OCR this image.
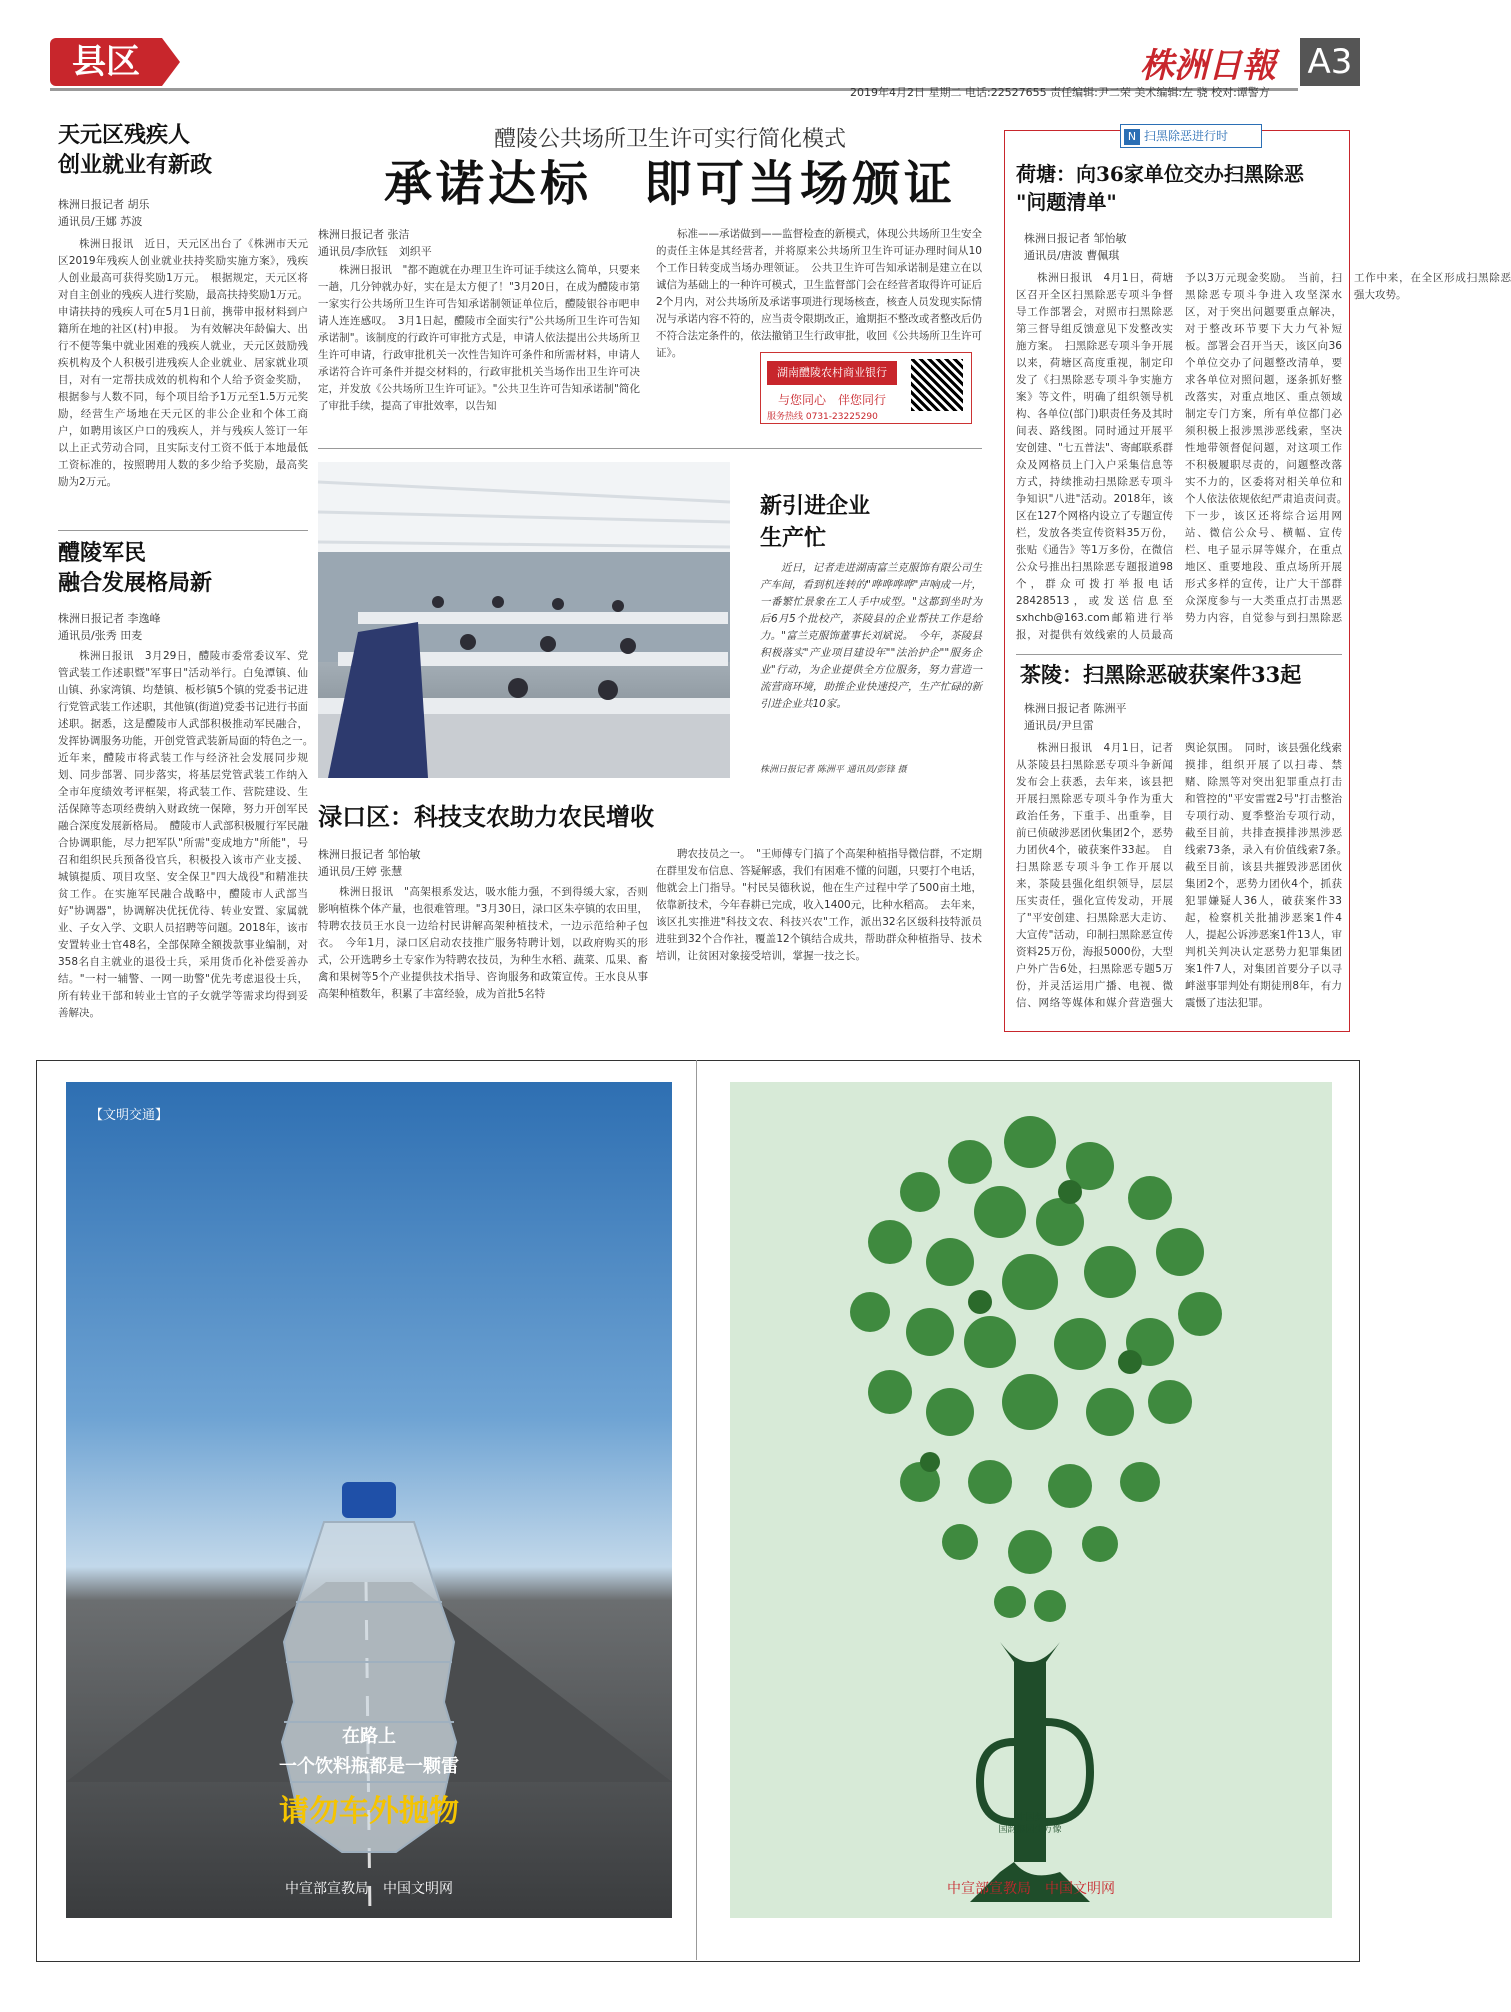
县区	株洲日報 A3
2019年4月2日 星期二 电话:22527655 责任编辑:尹二荣 美术编辑:左 骁 校对:谭警方
天元区残疾人
创业就业有新政
株洲日报记者 胡乐
通讯员/王娜 苏波

株洲日报讯　近日，天元区出台了《株洲市天元区2019年残疾人创业就业扶持奖励实施方案》，残疾人创业最高可获得奖励1万元。　根据规定，天元区将对自主创业的残疾人进行奖励，最高扶持奖励1万元。申请扶持的残疾人可在5月1日前，携带申报材料到户籍所在地的社区(村)申报。　为有效解决年龄偏大、出行不便等集中就业困难的残疾人就业，天元区鼓励残疾机构及个人积极引进残疾人企业就业、居家就业项目，对有一定帮扶成效的机构和个人给予资金奖励，根据参与人数不同，每个项目给予1万元至1.5万元奖励，经营生产场地在天元区的非公企业和个体工商户，如聘用该区户口的残疾人，并与残疾人签订一年以上正式劳动合同，且实际支付工资不低于本地最低工资标准的，按照聘用人数的多少给予奖励，最高奖励为2万元。

醴陵军民
融合发展格局新
株洲日报记者 李逸峰
通讯员/张秀 田麦

株洲日报讯　3月29日，醴陵市委常委议军、党管武装工作述职暨"军事日"活动举行。白兔潭镇、仙山镇、孙家湾镇、均楚镇、板杉镇5个镇的党委书记进行党管武装工作述职，其他镇(街道)党委书记进行书面述职。据悉，这是醴陵市人武部积极推动军民融合，发挥协调服务功能，开创党管武装新局面的特色之一。　近年来，醴陵市将武装工作与经济社会发展同步规划、同步部署、同步落实，将基层党管武装工作纳入全市年度绩效考评框架，将武装工作、营院建设、生活保障等态项经费纳入财政统一保障，努力开创军民融合深度发展新格局。　醴陵市人武部积极履行军民融合协调职能，尽力把军队"所需"变成地方"所能"，号召和组织民兵预备役官兵，积极投入该市产业支援、城镇提质、项目攻坚、安全保卫"四大战役"和精准扶贫工作。在实施军民融合战略中，醴陵市人武部当好"协调器"，协调解决优抚优待、转业安置、家属就业、子女入学、文职人员招聘等问题。2018年，该市安置转业士官48名，全部保障全额拨款事业编制，对358名自主就业的退役士兵，采用货币化补偿妥善办结。"一村一辅警、一网一助警"优先考虑退役士兵，所有转业干部和转业士官的子女就学等需求均得到妥善解决。

醴陵公共场所卫生许可实行简化模式
承诺达标　即可当场颁证
株洲日报记者 张洁
通讯员/李欣钰　刘织平

株洲日报讯　"都不跑就在办理卫生许可证手续这么简单，只要来一趟，几分钟就办好，实在是太方便了！"3月20日，在成为醴陵市第一家实行公共场所卫生许可告知承诺制领证单位后，醴陵银谷市吧申请人连连感叹。　3月1日起，醴陵市全面实行"公共场所卫生许可告知承诺制"。该制度的行政许可审批方式是，申请人依法提出公共场所卫生许可申请，行政审批机关一次性告知许可条件和所需材料，申请人承诺符合许可条件并提交材料的，行政审批机关当场作出卫生许可决定，并发放《公共场所卫生许可证》。"公共卫生许可告知承诺制"简化了审批手续，提高了审批效率，以告知

标准——承诺做到——监督检查的新模式，体现公共场所卫生安全的责任主体是其经营者，并将原来公共场所卫生许可证办理时间从10个工作日转变成当场办理领证。　公共卫生许可告知承诺制是建立在以诚信为基础上的一种许可模式，卫生监督部门会在经营者取得许可证后2个月内，对公共场所及承诺事项进行现场核查，核查人员发现实际情况与承诺内容不符的，应当责令限期改正，逾期拒不整改或者整改后仍不符合法定条件的，依法撤销卫生行政审批，收回《公共场所卫生许可证》。

湖南醴陵农村商业银行
与您同心　伴您同行
服务热线 0731-23225290
新引进企业
生产忙

近日，记者走进湖南富兰克服饰有限公司生产车间，看到机连转的"哗哗哗哗"声响成一片，一番繁忙景象在工人手中成型。"这都到坐时为后6月5个批校产，茶陵县的企业帮扶工作是给力。"富兰克服饰董事长刘斌说。　今年，茶陵县积极落实"产业项目建设年""法治护企""服务企业"行动，为企业提供全方位服务，努力营造一流营商环境，助推企业快速投产，生产忙碌的新引进企业共10家。

株洲日报记者 陈洲平 通讯员/彭锋 摄
渌口区：科技支农助力农民增收
株洲日报记者 邹怡敏
通讯员/王婷 张慧

株洲日报讯　"高架根系发达，吸水能力强，不到得缓大家，否则影响植株个体产量，也很难管理。"3月30日，渌口区朱亭镇的农田里，特聘农技员王水良一边给村民讲解高架种植技术，一边示范给种子包衣。　今年1月，渌口区启动农技推广服务特聘计划，以政府购买的形式，公开选聘乡土专家作为特聘农技员，为种生水稻、蔬菜、瓜果、畜禽和果树等5个产业提供技术指导、咨询服务和政策宣传。王水良从事高架种植数年，积累了丰富经验，成为首批5名特

聘农技员之一。　"王师傅专门搞了个高架种植指导微信群，不定期在群里发布信息、答疑解惑，我们有困难不懂的问题，只要打个电话，他就会上门指导。"村民吴德秋说，他在生产过程中学了500亩土地，依靠新技术，今年春耕已完成，收入1400元，比种水稻高。　去年来，该区扎实推进"科技文农、科技兴农"工作，派出32名区级科技特派员进驻到32个合作社，覆盖12个镇结合成共，帮助群众种植指导、技术培训，让贫困对象接受培训，掌握一技之长。

N 扫黑除恶进行时
荷塘：向36家单位交办扫黑除恶
"问题清单"
株洲日报记者 邹怡敏
通讯员/唐波 曹佩琪

株洲日报讯　4月1日，荷塘区召开全区扫黑除恶专项斗争督导工作部署会，对照市扫黑除恶第三督导组反馈意见下发整改实施方案。　扫黑除恶专项斗争开展以来，荷塘区高度重视，制定印发了《扫黑除恶专项斗争实施方案》等文件，明确了组织领导机构、各单位(部门)职责任务及其时间表、路线图。同时通过开展平安创建、"七五普法"、寄邮联系群众及网格员上门入户采集信息等方式，持续推动扫黑除恶专项斗争知识"八进"活动。2018年，该区在127个网格内设立了专题宣传栏，发放各类宣传资料35万份，张贴《通告》等1万多份，在微信公众号推出扫黑除恶专题报道98个，群众可拨打举报电话28428513，或发送信息至sxhchb@163.com邮箱进行举报，对提供有效线索的人员最高予以3万元现金奖励。　当前，扫黑除恶专项斗争进入攻坚深水区，对于突出问题要重点解决，对于整改环节要下大力气补短板。部署会召开当天，该区向36个单位交办了问题整改清单，要求各单位对照问题，逐条抓好整改落实，对重点地区、重点领域制定专门方案，所有单位都门必须积极上报涉黑涉恶线索，坚决性地带领督促问题，对这项工作不积极履职尽责的，问题整改落实不力的，区委将对相关单位和个人依法依规依纪严肃追责问责。　下一步，该区还将综合运用网站、微信公众号、横幅、宣传栏、电子显示屏等媒介，在重点地区、重要地段、重点场所开展形式多样的宣传，让广大干部群众深度参与一大类重点打击黑恶势力内容，自觉参与到扫黑除恶工作中来，在全区形成扫黑除恶强大攻势。

茶陵：扫黑除恶破获案件33起
株洲日报记者 陈洲平
通讯员/尹旦雷

株洲日报讯　4月1日，记者从茶陵县扫黑除恶专项斗争新闻发布会上获悉，去年来，该县把开展扫黑除恶专项斗争作为重大政治任务，下重手、出重拳，目前已侦破涉恶团伙集团2个，恶势力团伙4个，破获案件33起。　自扫黑除恶专项斗争工作开展以来，茶陵县强化组织领导，层层压实责任，强化宣传发动，开展了"平安创建、扫黑除恶大走访、大宣传"活动，印制扫黑除恶宣传资料25万份，海报5000份，大型户外广告6处，扫黑除恶专题5万份，并灵活运用广播、电视、微信、网络等媒体和媒介营造强大舆论氛围。　同时，该县强化线索摸排，组织开展了以扫毒、禁赌、除黑等对突出犯罪重点打击和管控的"平安雷霆2号"打击整治专项行动、夏季整治专项行动，截至目前，共排查摸排涉黑涉恶线索73条，录入有价值线索7条。　截至目前，该县共摧毁涉恶团伙集团2个，恶势力团伙4个，抓获犯罪嫌疑人36人，破获案件33起，检察机关批捕涉恶案1件4人，提起公诉涉恶案1件13人，审判机关判决认定恶势力犯罪集团案1件7人，对集团首要分子以寻衅滋事罪判处有期徒刑8年，有力震慑了违法犯罪。

【文明交通】
在路上
一个饮料瓶都是一颗雷
请勿车外抛物
中宣部宣教局　中国文明网
中国梦
国韵继园生万像
中宣部宣教局　中国文明网
